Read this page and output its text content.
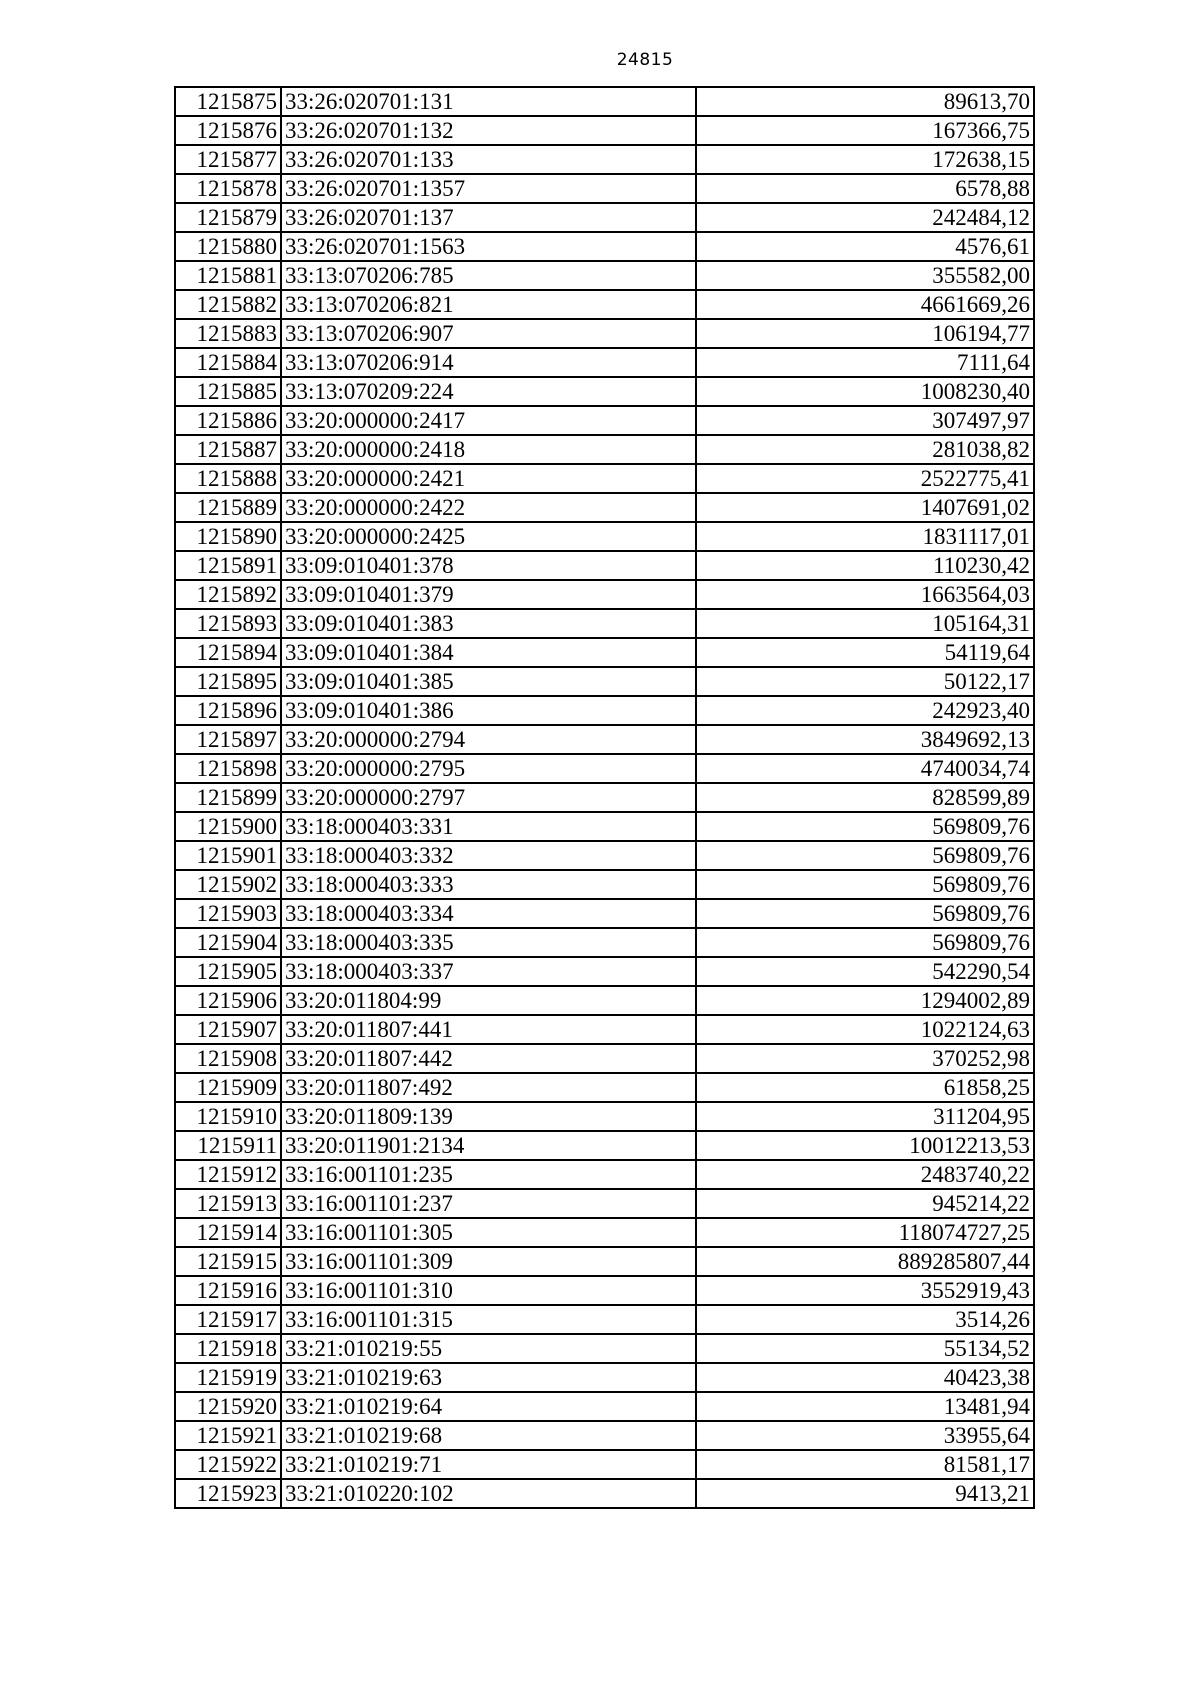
24815
1215875	33:26:020701:131	89613,70
1215876	33:26:020701:132	167366,75
1215877	33:26:020701:133	172638,15
1215878	33:26:020701:1357	6578,88
1215879	33:26:020701:137	242484,12
1215880	33:26:020701:1563	4576,61
1215881	33:13:070206:785	355582,00
1215882	33:13:070206:821	4661669,26
1215883	33:13:070206:907	106194,77
1215884	33:13:070206:914	7111,64
1215885	33:13:070209:224	1008230,40
1215886	33:20:000000:2417	307497,97
1215887	33:20:000000:2418	281038,82
1215888	33:20:000000:2421	2522775,41
1215889	33:20:000000:2422	1407691,02
1215890	33:20:000000:2425	1831117,01
1215891	33:09:010401:378	110230,42
1215892	33:09:010401:379	1663564,03
1215893	33:09:010401:383	105164,31
1215894	33:09:010401:384	54119,64
1215895	33:09:010401:385	50122,17
1215896	33:09:010401:386	242923,40
1215897	33:20:000000:2794	3849692,13
1215898	33:20:000000:2795	4740034,74
1215899	33:20:000000:2797	828599,89
1215900	33:18:000403:331	569809,76
1215901	33:18:000403:332	569809,76
1215902	33:18:000403:333	569809,76
1215903	33:18:000403:334	569809,76
1215904	33:18:000403:335	569809,76
1215905	33:18:000403:337	542290,54
1215906	33:20:011804:99	1294002,89
1215907	33:20:011807:441	1022124,63
1215908	33:20:011807:442	370252,98
1215909	33:20:011807:492	61858,25
1215910	33:20:011809:139	311204,95
1215911	33:20:011901:2134	10012213,53
1215912	33:16:001101:235	2483740,22
1215913	33:16:001101:237	945214,22
1215914	33:16:001101:305	118074727,25
1215915	33:16:001101:309	889285807,44
1215916	33:16:001101:310	3552919,43
1215917	33:16:001101:315	3514,26
1215918	33:21:010219:55	55134,52
1215919	33:21:010219:63	40423,38
1215920	33:21:010219:64	13481,94
1215921	33:21:010219:68	33955,64
1215922	33:21:010219:71	81581,17
1215923	33:21:010220:102	9413,21
